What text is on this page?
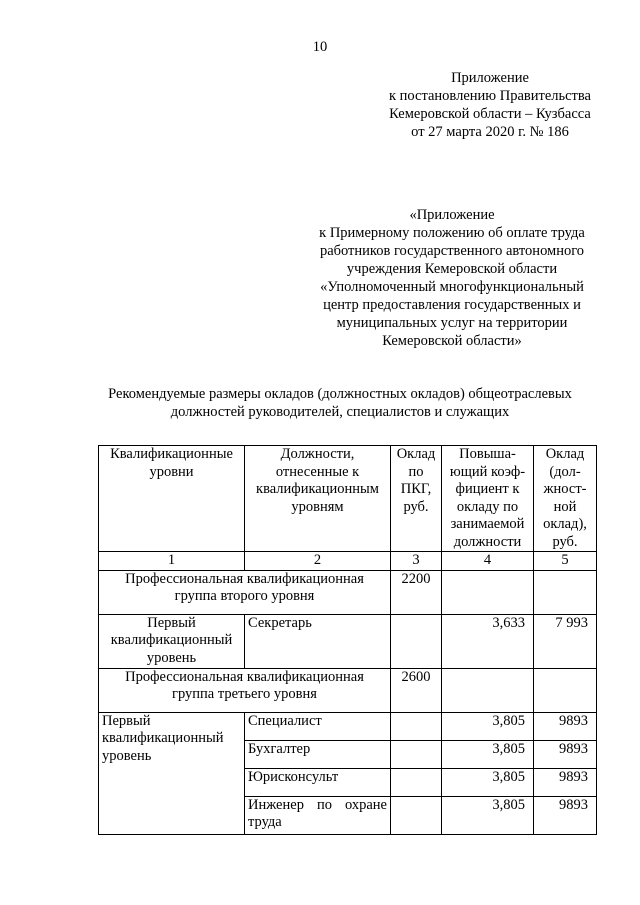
10
Приложение
к постановлению Правительства
Кемеровской области – Кузбасса
от 27 марта 2020 г. № 186
«Приложение
к Примерному положению об оплате труда
работников государственного автономного
учреждения Кемеровской области
«Уполномоченный многофункциональный
центр предоставления государственных и
муниципальных услуг на территории
Кемеровской области»
Рекомендуемые размеры окладов (должностных окладов) общеотраслевых
должностей руководителей, специалистов и служащих
Квалификационные уровни	Должности, отнесенные к квалификационным уровням	Оклад по ПКГ, руб.	Повыша-ющий коэф-фициент к окладу по занимаемой должности	Оклад (дол-жност-ной оклад), руб.
1	2	3	4	5
Профессиональная квалификационная группа второго уровня		2200		
Первый квалификационный уровень	Секретарь		3,633	7 993
Профессиональная квалификационная группа третьего уровня		2600		
Первый квалификационный уровень	Специалист		3,805	9893
	Бухгалтер		3,805	9893
	Юрисконсульт		3,805	9893
	Инженер по охране труда		3,805	9893
